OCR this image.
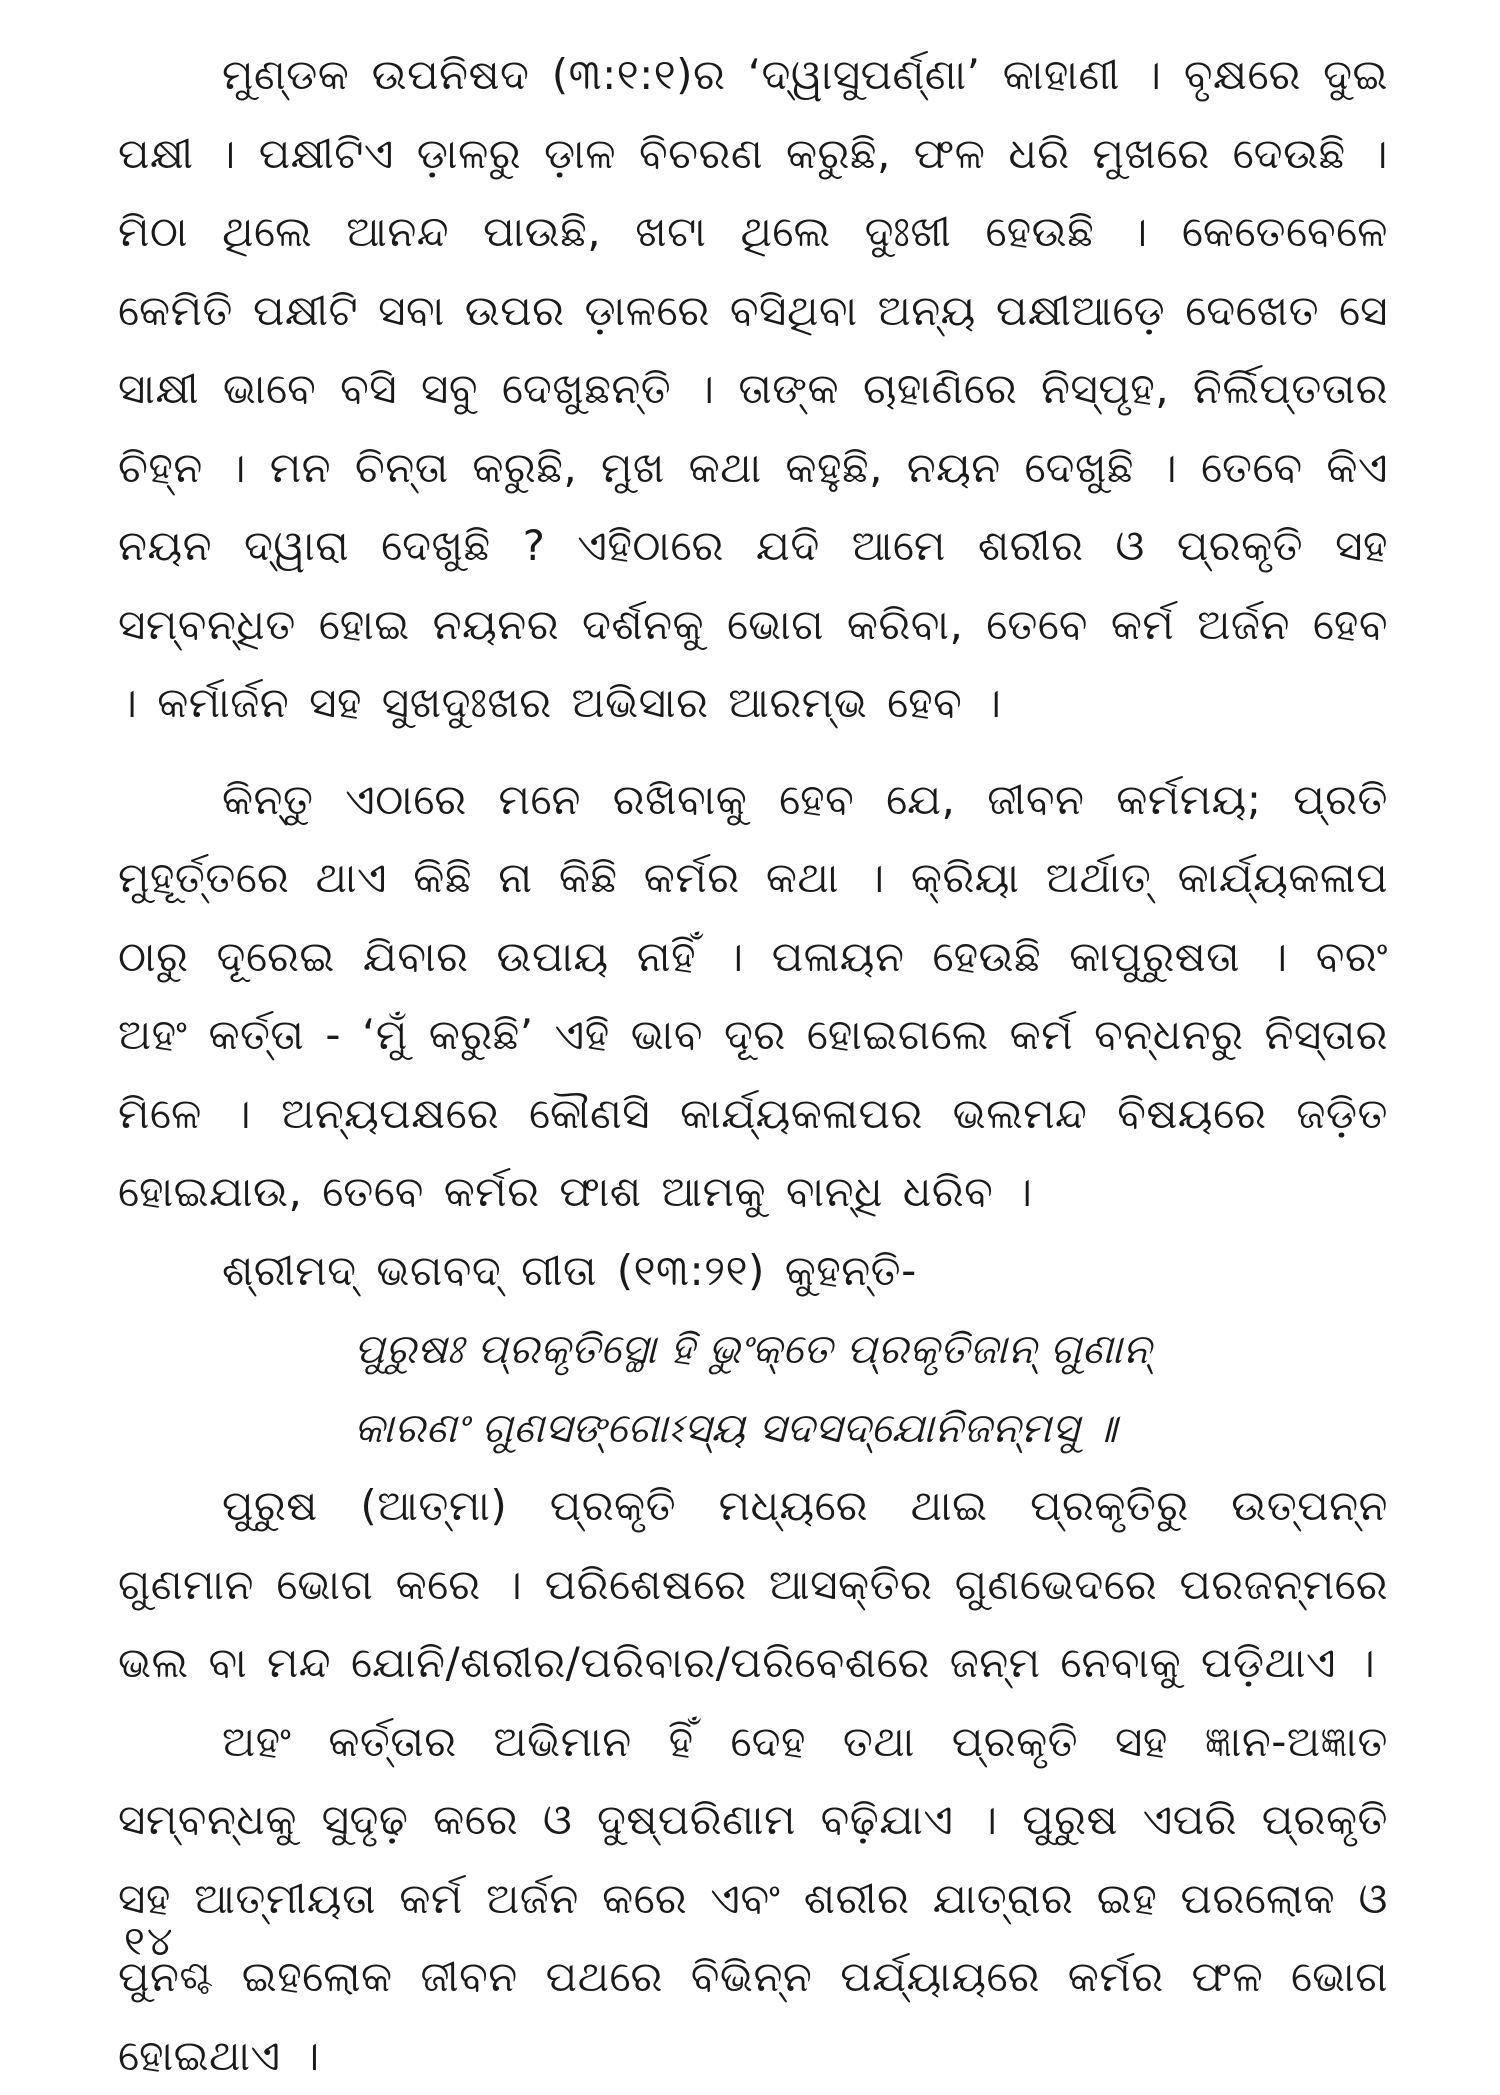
ମୁଣ୍ଡକ ଉପନିଷଦ (୩:୧:୧)ର ‘ଦ୍ୱାସୁପର୍ଣ୍ଣା’ କାହାଣୀ । ବୃକ୍ଷରେ ଦୁଇ ପକ୍ଷୀ । ପକ୍ଷୀଟିଏ ଡ଼ାଳରୁ ଡ଼ାଳ ବିଚରଣ କରୁଛି, ଫଳ ଧରି ମୁଖରେ ଦେଉଛି । ମିଠା ଥିଲେ ଆନନ୍ଦ ପାଉଛି, ଖଟା ଥିଲେ ଦୁଃଖୀ ହେଉଛି । କେତେବେଳେ କେମିତି ପକ୍ଷୀଟି ସବା ଉପର ଡ଼ାଳରେ ବସିଥିବା ଅନ୍ୟ ପକ୍ଷୀଆଡ଼େ ଦେଖେତ ସେ ସାକ୍ଷୀ ଭାବେ ବସି ସବୁ ଦେଖୁଛନ୍ତି । ତାଙ୍କ ଚାହାଣିରେ ନିସ୍ପୃହ, ନିର୍ଲିପ୍ତତାର ଚିହ୍ନ । ମନ ଚିନ୍ତା କରୁଛି, ମୁଖ କଥା କହୁଛି, ନୟନ ଦେଖୁଛି । ତେବେ କିଏ ନୟନ ଦ୍ୱାରା ଦେଖୁଛି ? ଏହିଠାରେ ଯଦି ଆମେ ଶରୀର ଓ ପ୍ରକୃତି ସହ ସମ୍ବନ୍ଧିତ ହୋଇ ନୟନର ଦର୍ଶନକୁ ଭୋଗ କରିବା, ତେବେ କର୍ମ ଅର୍ଜନ ହେବ । କର୍ମାର୍ଜନ ସହ ସୁଖଦୁଃଖର ଅଭିସାର ଆରମ୍ଭ ହେବ ।

କିନ୍ତୁ ଏଠାରେ ମନେ ରଖିବାକୁ ହେବ ଯେ, ଜୀବନ କର୍ମମୟ; ପ୍ରତି ମୁହୂର୍ତ୍ତରେ ଥାଏ କିଛି ନା କିଛି କର୍ମର କଥା । କ୍ରିୟା ଅର୍ଥାତ୍ କାର୍ଯ୍ୟକଳାପ ଠାରୁ ଦୂରେଇ ଯିବାର ଉପାୟ ନାହିଁ । ପଳାୟନ ହେଉଛି କାପୁରୁଷତା । ବରଂ ଅହଂ କର୍ତ୍ତା - ‘ମୁଁ କରୁଛି’ ଏହି ଭାବ ଦୂର ହୋଇଗଲେ କର୍ମ ବନ୍ଧନରୁ ନିସ୍ତାର ମିଳେ । ଅନ୍ୟପକ୍ଷରେ କୌଣସି କାର୍ଯ୍ୟକଳାପର ଭଲମନ୍ଦ ବିଷୟରେ ଜଡ଼ିତ ହୋଇଯାଉ, ତେବେ କର୍ମର ଫାଶ ଆମକୁ ବାନ୍ଧି ଧରିବ ।

ଶ୍ରୀମଦ୍ ଭଗବଦ୍ ଗୀତା (୧୩:୨୧) କୁହନ୍ତି-

ପୁରୁଷଃ ପ୍ରକୃତିସ୍ଥୋ ହି ଭୁଂକ୍ତେ ପ୍ରକୃତିଜାନ୍ ଗୁଣାନ୍

କାରଣଂ ଗୁଣସଙ୍ଗୋଽସ୍ୟ ସଦସଦ୍‌ଯୋନିଜନ୍ମସୁ ॥

ପୁରୁଷ (ଆତ୍ମା) ପ୍ରକୃତି ମଧ୍ୟରେ ଥାଇ ପ୍ରକୃତିରୁ ଉତ୍ପନ୍ନ ଗୁଣମାନ ଭୋଗ କରେ । ପରିଶେଷରେ ଆସକ୍ତିର ଗୁଣଭେଦରେ ପରଜନ୍ମରେ ଭଲ ବା ମନ୍ଦ ଯୋନି/ଶରୀର/ପରିବାର/ପରିବେଶରେ ଜନ୍ମ ନେବାକୁ ପଡ଼ିଥାଏ ।

ଅହଂ କର୍ତ୍ତାର ଅଭିମାନ ହିଁ ଦେହ ତଥା ପ୍ରକୃତି ସହ ଜ୍ଞାନ-ଅଜ୍ଞାତ ସମ୍ବନ୍ଧକୁ ସୁଦୃଢ଼ କରେ ଓ ଦୁଷ୍ପରିଣାମ ବଢ଼ିଯାଏ । ପୁରୁଷ ଏପରି ପ୍ରକୃତି ସହ ଆତ୍ମୀୟତା କର୍ମ ଅର୍ଜନ କରେ ଏବଂ ଶରୀର ଯାତ୍ରାର ଇହ ପରଲୋକ ଓ ପୁନଶ୍ଚ ଇହଲୋକ ଜୀବନ ପଥରେ ବିଭିନ୍ନ ପର୍ଯ୍ୟାୟରେ କର୍ମର ଫଳ ଭୋଗ ହୋଇଥାଏ ।

୧୪
